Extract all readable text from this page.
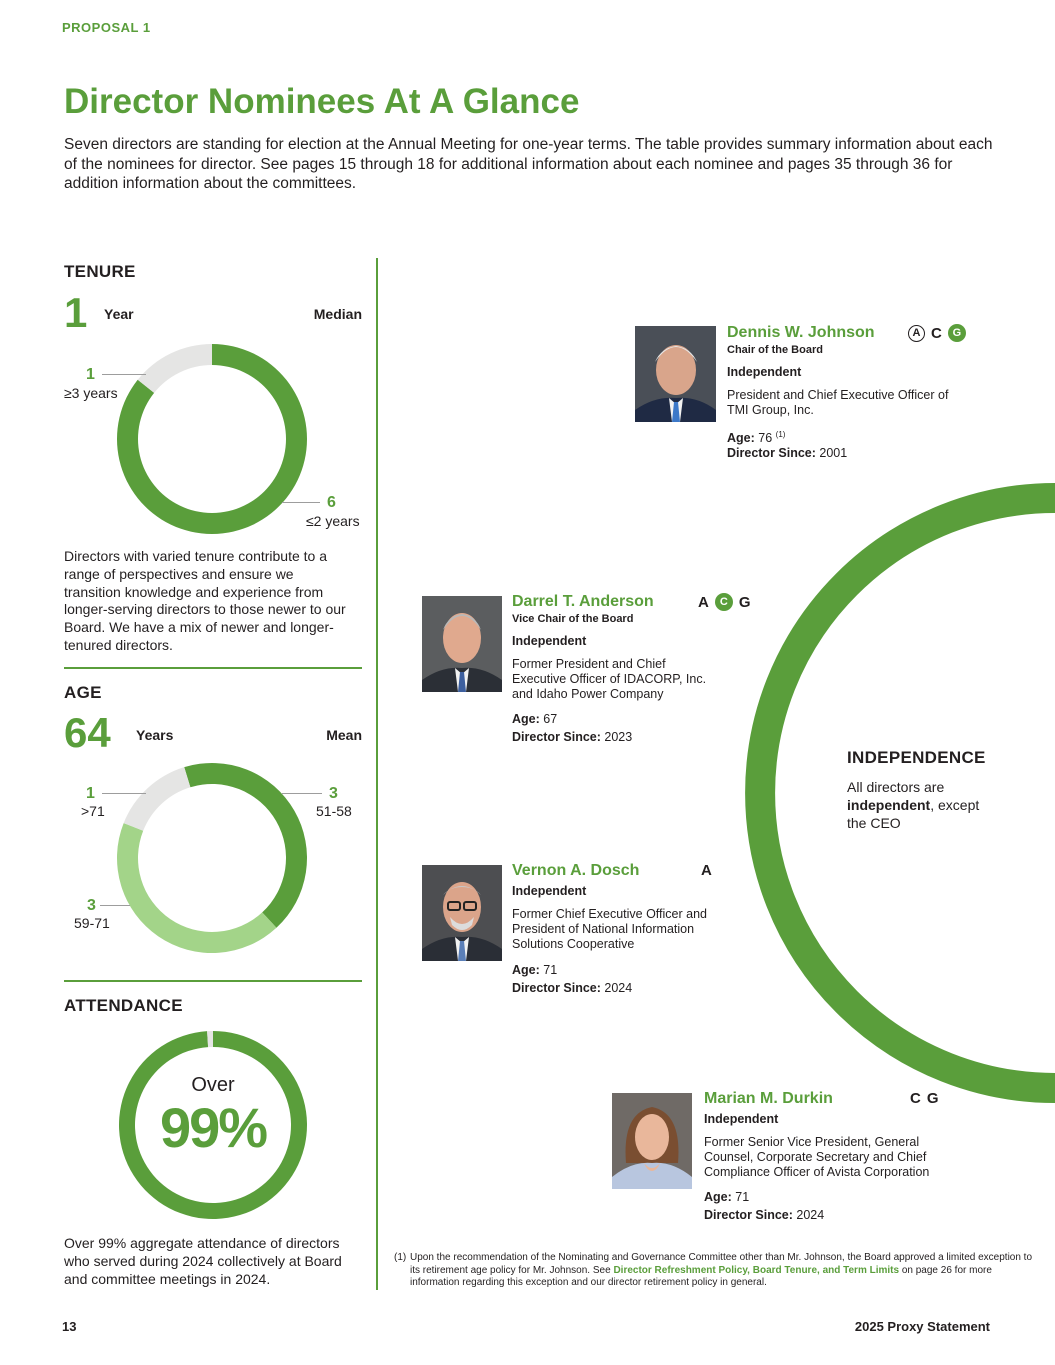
PROPOSAL 1
Director Nominees At A Glance
Seven directors are standing for election at the Annual Meeting for one-year terms. The table provides summary information about each of the nominees for director. See pages 15 through 18 for additional information about each nominee and pages 35 through 36 for addition information about the committees.
TENURE
1 Year	Median
1
≥3 years
6
≤2 years
Directors with varied tenure contribute to a range of perspectives and ensure we transition knowledge and experience from longer-serving directors to those newer to our Board. We have a mix of newer and longer-tenured directors.
AGE
64 Years	Mean
1
>71
3
51-58
3
59-71
ATTENDANCE
Over
99%
Over 99% aggregate attendance of directors who served during 2024 collectively at Board and committee meetings in 2024.
INDEPENDENCE
All directors are independent, except the CEO
Dennis W. Johnson	A C G
Chair of the Board
Independent
President and Chief Executive Officer of TMI Group, Inc.
Age: 76 $^{(1)}$
Director Since: 2001
Darrel T. Anderson	A	C G
Vice Chair of the Board
Independent
Former President and Chief Executive Officer of IDACORP, Inc. and Idaho Power Company
Age: 67
Director Since: 2023
Vernon A. Dosch	A
Independent
Former Chief Executive Officer and President of National Information Solutions Cooperative
Age: 71
Director Since: 2024
Marian M. Durkin	C G
Independent
Former Senior Vice President, General Counsel, Corporate Secretary and Chief Compliance Officer of Avista Corporation
Age: 71
Director Since: 2024
(1) Upon the recommendation of the Nominating and Governance Committee other than Mr. Johnson, the Board approved a limited exception to its retirement age policy for Mr. Johnson. See Director Refreshment Policy, Board Tenure, and Term Limits on page 26 for more information regarding this exception and our director retirement policy in general.
13	2025 Proxy Statement
